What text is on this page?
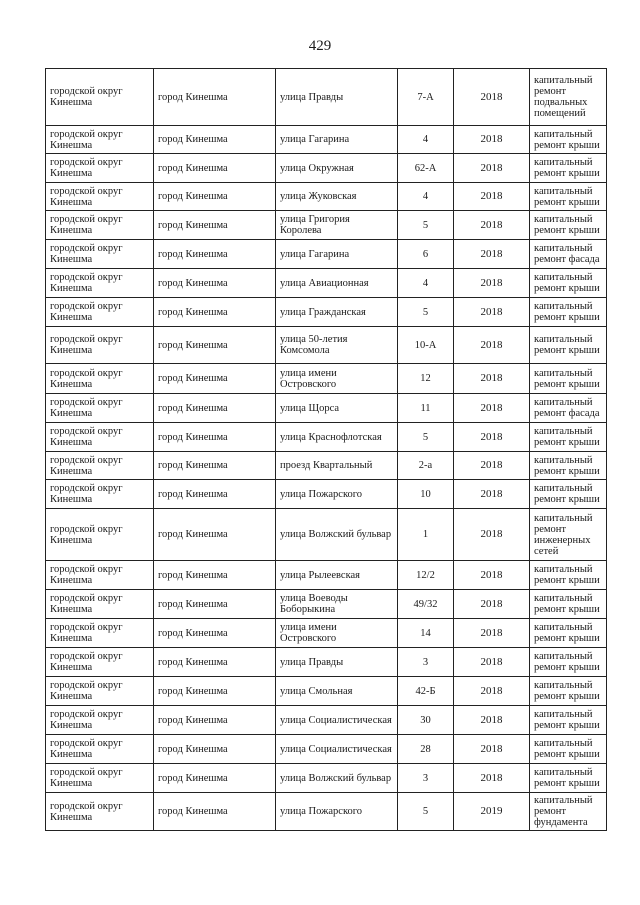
429
городской округ Кинешма	город Кинешма	улица Правды	7-А	2018	капитальный ремонт подвальных помещений
городской округ Кинешма	город Кинешма	улица Гагарина	4	2018	капитальный ремонт крыши
городской округ Кинешма	город Кинешма	улица Окружная	62-А	2018	капитальный ремонт крыши
городской округ Кинешма	город Кинешма	улица Жуковская	4	2018	капитальный ремонт крыши
городской округ Кинешма	город Кинешма	улица Григория Королева	5	2018	капитальный ремонт крыши
городской округ Кинешма	город Кинешма	улица Гагарина	6	2018	капитальный ремонт фасада
городской округ Кинешма	город Кинешма	улица Авиационная	4	2018	капитальный ремонт крыши
городской округ Кинешма	город Кинешма	улица Гражданская	5	2018	капитальный ремонт крыши
городской округ Кинешма	город Кинешма	улица 50-летия Комсомола	10-А	2018	капитальный ремонт крыши
городской округ Кинешма	город Кинешма	улица имени Островского	12	2018	капитальный ремонт крыши
городской округ Кинешма	город Кинешма	улица Щорса	11	2018	капитальный ремонт фасада
городской округ Кинешма	город Кинешма	улица Краснофлотская	5	2018	капитальный ремонт крыши
городской округ Кинешма	город Кинешма	проезд Квартальный	2-а	2018	капитальный ремонт крыши
городской округ Кинешма	город Кинешма	улица Пожарского	10	2018	капитальный ремонт крыши
городской округ Кинешма	город Кинешма	улица Волжский бульвар	1	2018	капитальный ремонт инженерных сетей
городской округ Кинешма	город Кинешма	улица Рылеевская	12/2	2018	капитальный ремонт крыши
городской округ Кинешма	город Кинешма	улица Воеводы Боборыкина	49/32	2018	капитальный ремонт крыши
городской округ Кинешма	город Кинешма	улица имени Островского	14	2018	капитальный ремонт крыши
городской округ Кинешма	город Кинешма	улица Правды	3	2018	капитальный ремонт крыши
городской округ Кинешма	город Кинешма	улица Смольная	42-Б	2018	капитальный ремонт крыши
городской округ Кинешма	город Кинешма	улица Социалистическая	30	2018	капитальный ремонт крыши
городской округ Кинешма	город Кинешма	улица Социалистическая	28	2018	капитальный ремонт крыши
городской округ Кинешма	город Кинешма	улица Волжский бульвар	3	2018	капитальный ремонт крыши
городской округ Кинешма	город Кинешма	улица Пожарского	5	2019	капитальный ремонт фундамента
